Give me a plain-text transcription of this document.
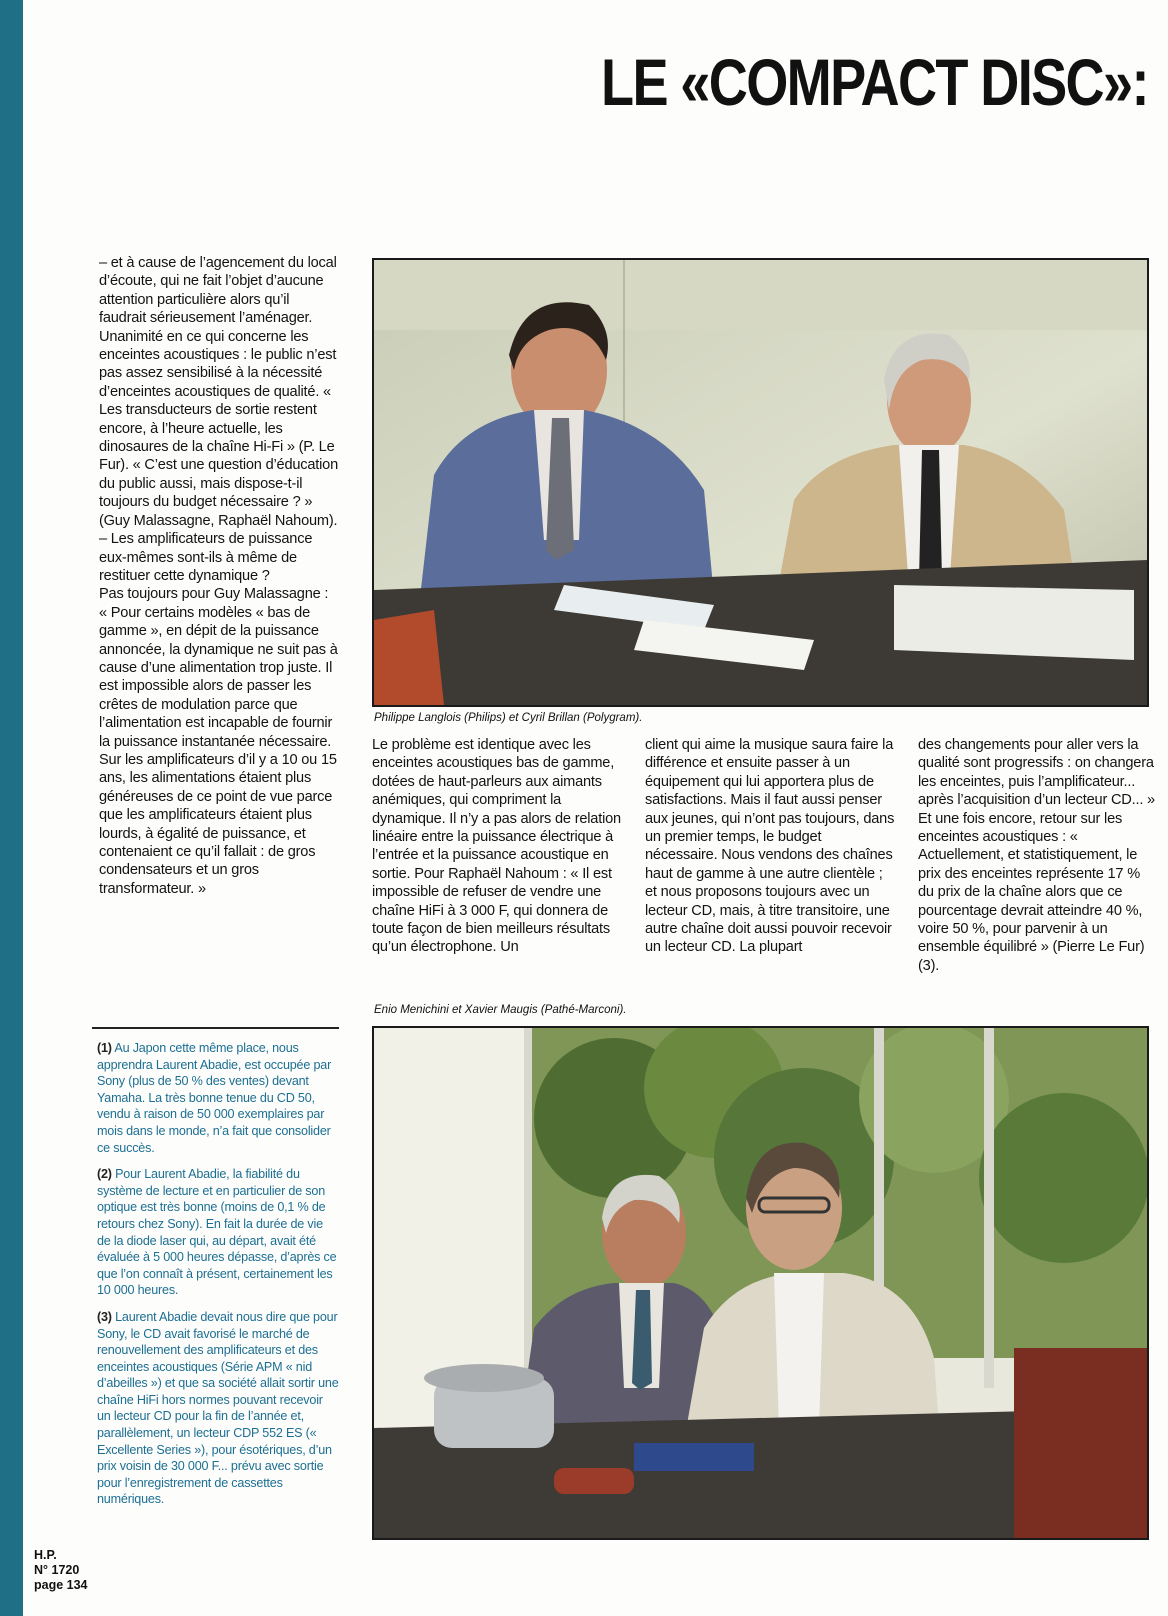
LE «COMPACT DISC»:

– et à cause de l’agencement du local d’écoute, qui ne fait l’objet d’aucune attention particulière alors qu’il faudrait sérieusement l’aménager.

Unanimité en ce qui concerne les enceintes acoustiques : le public n’est pas assez sensibilisé à la nécessité d’enceintes acoustiques de qualité. « Les transducteurs de sortie restent encore, à l’heure actuelle, les dinosaures de la chaîne Hi-Fi » (P. Le Fur). « C’est une question d’éducation du public aussi, mais dispose-t-il toujours du budget nécessaire ? » (Guy Malassagne, Raphaël Nahoum).

– Les amplificateurs de puissance eux-mêmes sont-ils à même de restituer cette dynamique ?

Pas toujours pour Guy Malassagne : « Pour certains modèles « bas de gamme », en dépit de la puissance annoncée, la dynamique ne suit pas à cause d’une alimentation trop juste. Il est impossible alors de passer les crêtes de modulation parce que l’alimentation est incapable de fournir la puissance instantanée nécessaire. Sur les amplificateurs d’il y a 10 ou 15 ans, les alimentations étaient plus généreuses de ce point de vue parce que les amplificateurs étaient plus lourds, à égalité de puissance, et contenaient ce qu’il fallait : de gros condensateurs et un gros transformateur. »

(1) Au Japon cette même place, nous apprendra Laurent Abadie, est occupée par Sony (plus de 50 % des ventes) devant Yamaha. La très bonne tenue du CD 50, vendu à raison de 50 000 exemplaires par mois dans le monde, n’a fait que consolider ce succès.

(2) Pour Laurent Abadie, la fiabilité du système de lecture et en particulier de son optique est très bonne (moins de 0,1 % de retours chez Sony). En fait la durée de vie de la diode laser qui, au départ, avait été évaluée à 5 000 heures dépasse, d’après ce que l’on connaît à présent, certainement les 10 000 heures.

(3) Laurent Abadie devait nous dire que pour Sony, le CD avait favorisé le marché de renouvellement des amplificateurs et des enceintes acoustiques (Série APM « nid d’abeilles ») et que sa société allait sortir une chaîne HiFi hors normes pouvant recevoir un lecteur CD pour la fin de l’année et, parallèlement, un lecteur CDP 552 ES (« Excellente Series »), pour ésotériques, d’un prix voisin de 30 000 F... prévu avec sortie pour l’enregistrement de cassettes numériques.

Philippe Langlois (Philips) et Cyril Brillan (Polygram).

Le problème est identique avec les enceintes acoustiques bas de gamme, dotées de haut-parleurs aux aimants anémiques, qui compriment la dynamique. Il n’y a pas alors de relation linéaire entre la puissance électrique à l’entrée et la puissance acoustique en sortie. Pour Raphaël Nahoum : « Il est impossible de refuser de vendre une chaîne HiFi à 3 000 F, qui donnera de toute façon de bien meilleurs résultats qu’un électrophone. Un

client qui aime la musique saura faire la différence et ensuite passer à un équipement qui lui apportera plus de satisfactions. Mais il faut aussi penser aux jeunes, qui n’ont pas toujours, dans un premier temps, le budget nécessaire. Nous vendons des chaînes haut de gamme à une autre clientèle ; et nous proposons toujours avec un lecteur CD, mais, à titre transitoire, une autre chaîne doit aussi pouvoir recevoir un lecteur CD. La plupart

des changements pour aller vers la qualité sont progressifs : on changera les enceintes, puis l’amplificateur... après l’acquisition d’un lecteur CD... »

Et une fois encore, retour sur les enceintes acoustiques : « Actuellement, et statistiquement, le prix des enceintes représente 17 % du prix de la chaîne alors que ce pourcentage devrait atteindre 40 %, voire 50 %, pour parvenir à un ensemble équilibré » (Pierre Le Fur) (3).

Enio Menichini et Xavier Maugis (Pathé-Marconi).
H.P.
N° 1720
page 134
